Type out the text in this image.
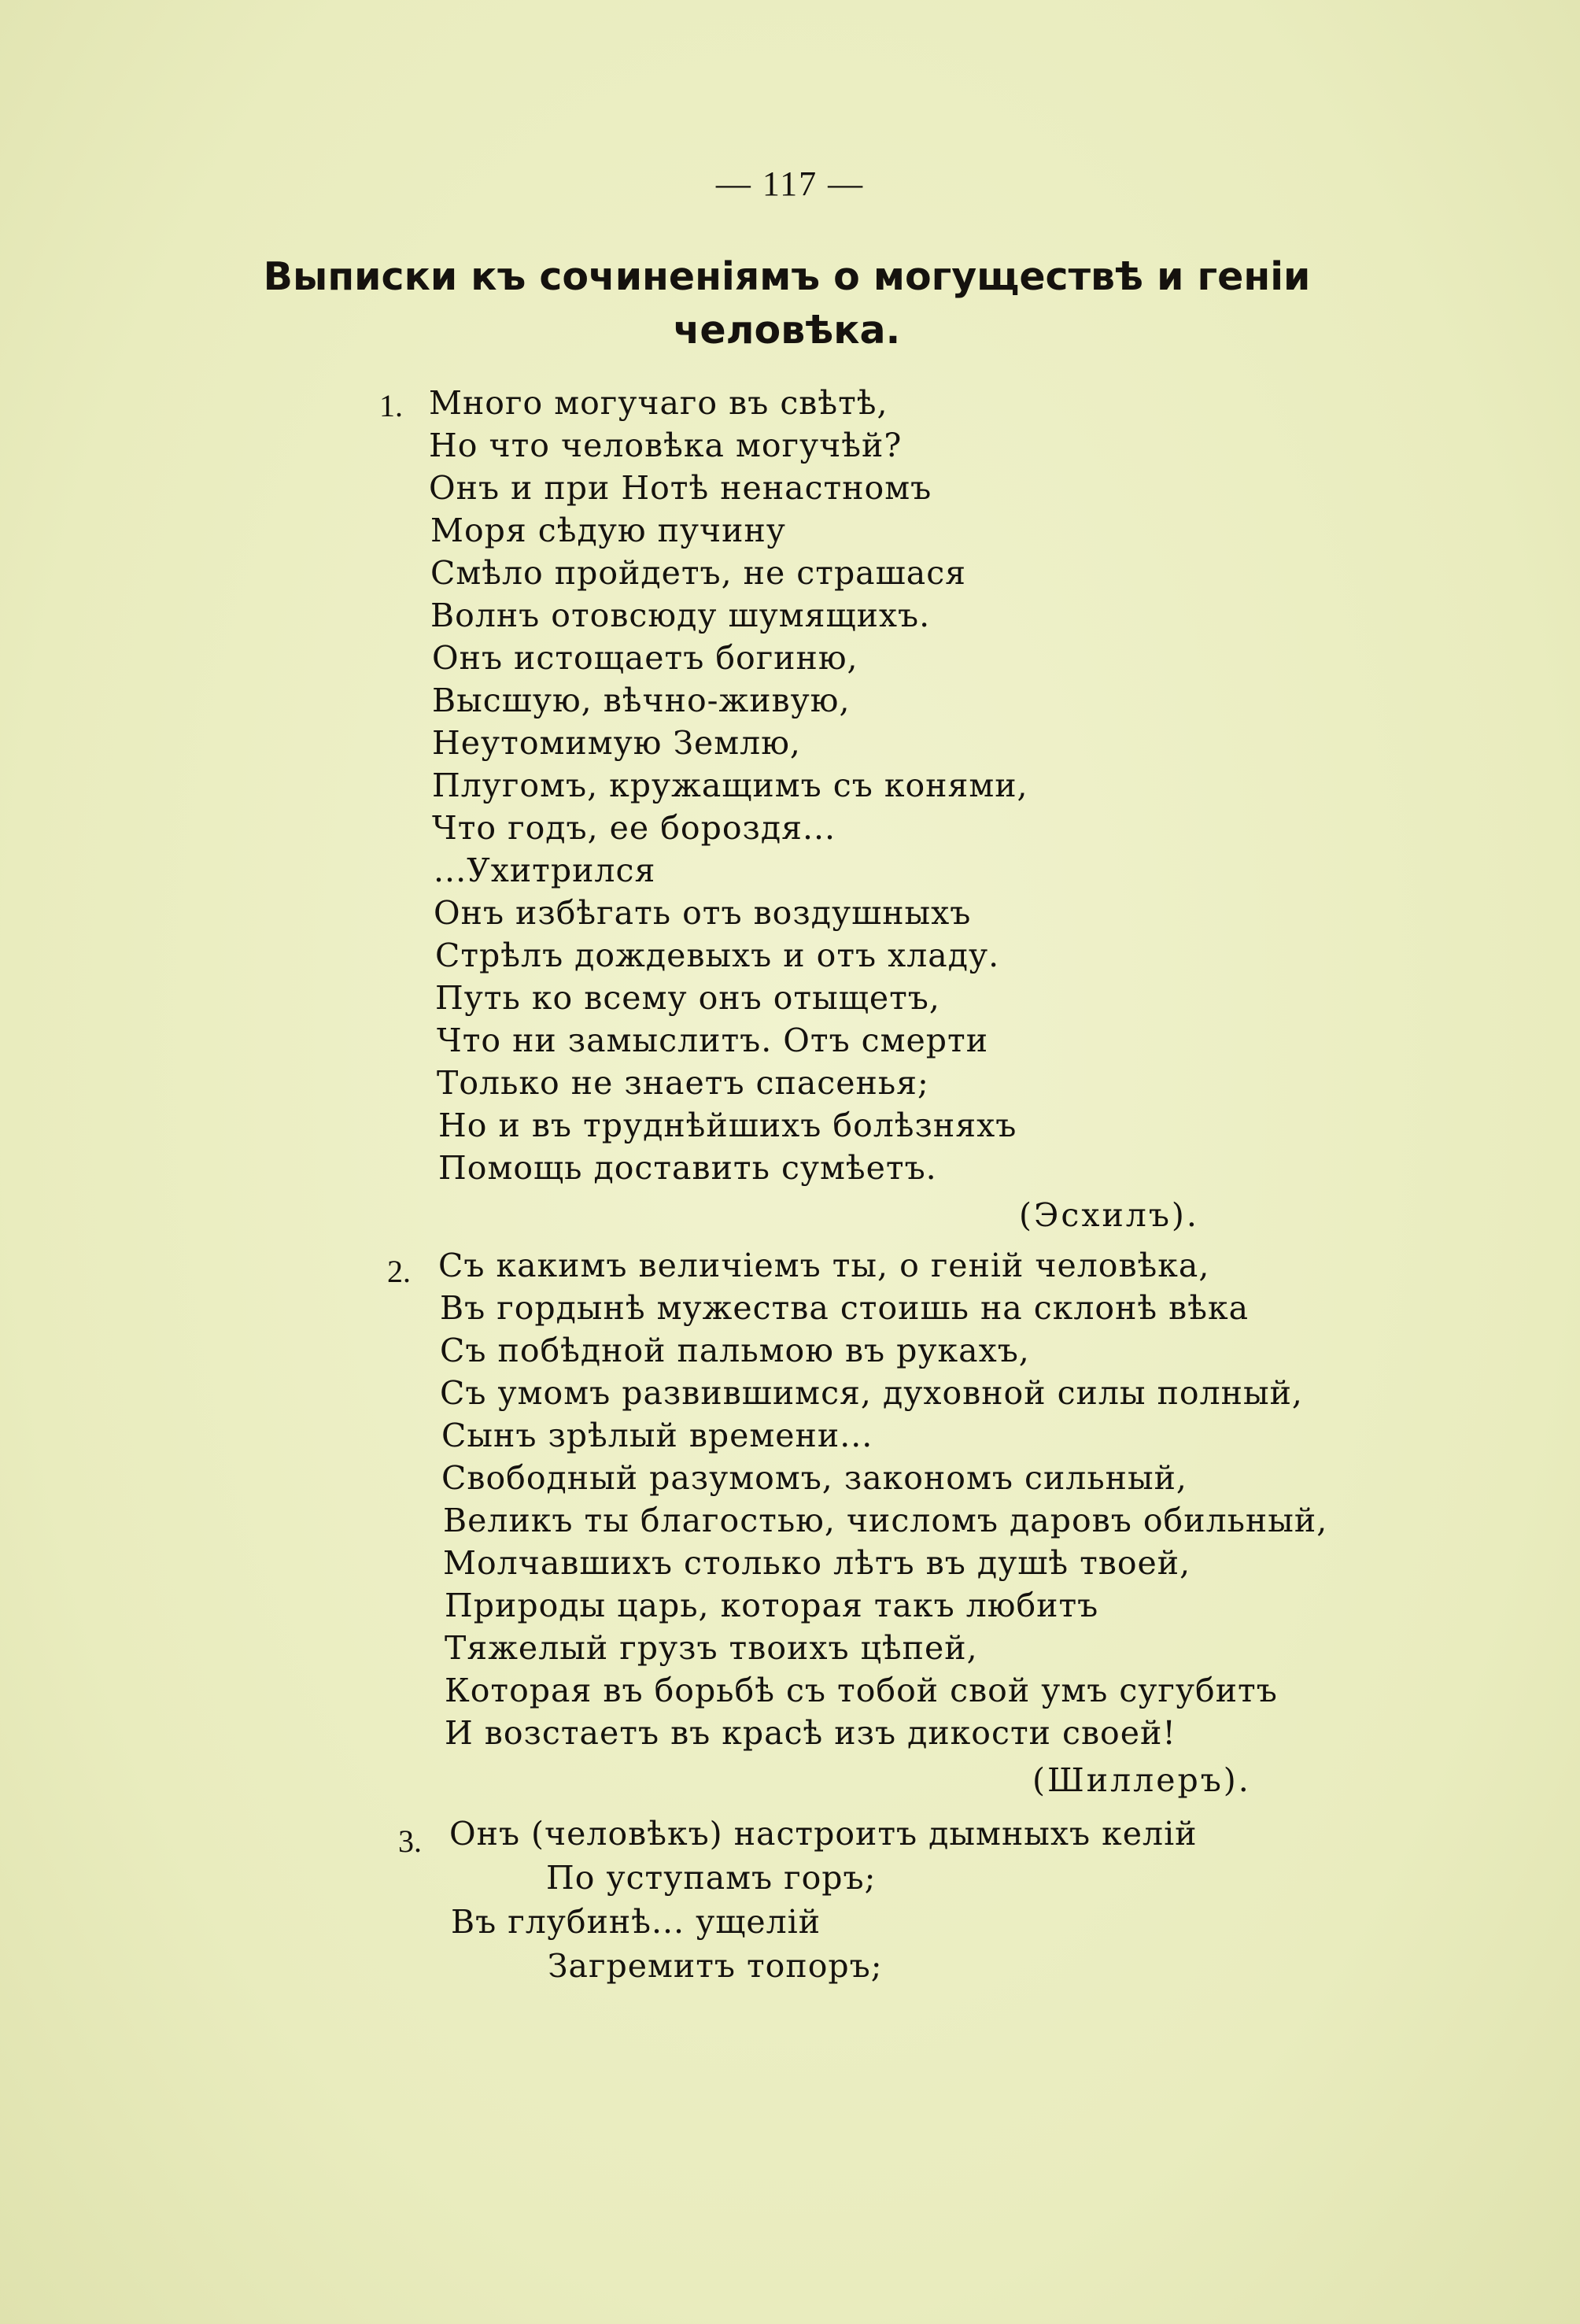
— 117 —
Выписки къ сочиненіямъ о могуществѣ и геніи
человѣка.
1. Много могучаго въ свѣтѣ,
Но что человѣка могучѣй?
Онъ и при Нотѣ ненастномъ
Моря сѣдую пучину
Смѣло пройдетъ, не страшася
Волнъ отовсюду шумящихъ.
Онъ истощаетъ богиню,
Высшую, вѣчно-живую,
Неутомимую Землю,
Плугомъ, кружащимъ съ конями,
Что годъ, ее бороздя...
...Ухитрился
Онъ избѣгать отъ воздушныхъ
Стрѣлъ дождевыхъ и отъ хладу.
Путь ко всему онъ отыщетъ,
Что ни замыслитъ. Отъ смерти
Только не знаетъ спасенья;
Но и въ труднѣйшихъ болѣзняхъ
Помощь доставить сумѣетъ.
(Эсхилъ).
2. Съ какимъ величіемъ ты, о геній человѣка,
Въ гордынѣ мужества стоишь на склонѣ вѣка
Съ побѣдной пальмою въ рукахъ,
Съ умомъ развившимся, духовной силы полный,
Сынъ зрѣлый времени...
Свободный разумомъ, закономъ сильный,
Великъ ты благостью, числомъ даровъ обильный,
Молчавшихъ столько лѣтъ въ душѣ твоей,
Природы царь, которая такъ любитъ
Тяжелый грузъ твоихъ цѣпей,
Которая въ борьбѣ съ тобой свой умъ сугубитъ
И возстаетъ въ красѣ изъ дикости своей!
(Шиллеръ).
3. Онъ (человѣкъ) настроитъ дымныхъ келій
По уступамъ горъ;
Въ глубинѣ... ущелій
Загремитъ топоръ;
